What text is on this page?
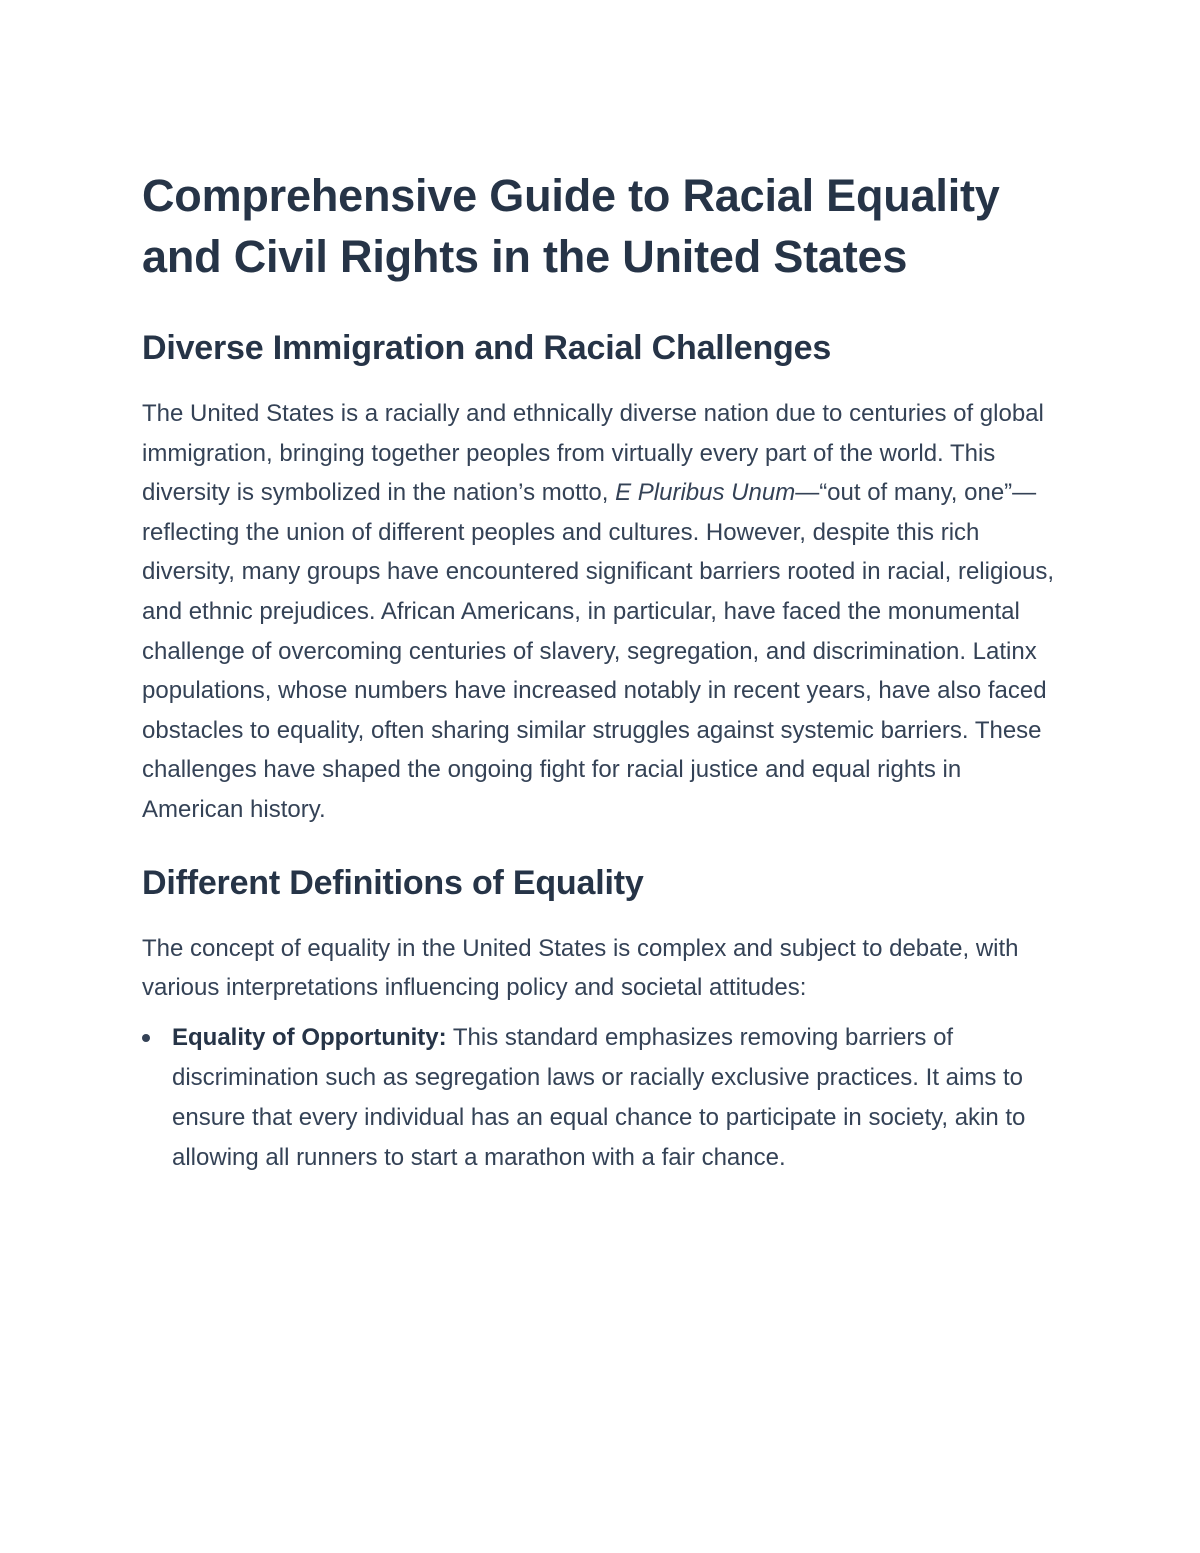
Comprehensive Guide to Racial Equality and Civil Rights in the United States
Diverse Immigration and Racial Challenges

The United States is a racially and ethnically diverse nation due to centuries of global immigration, bringing together peoples from virtually every part of the world. This diversity is symbolized in the nation’s motto, E Pluribus Unum—“out of many, one”—reflecting the union of different peoples and cultures. However, despite this rich diversity, many groups have encountered significant barriers rooted in racial, religious, and ethnic prejudices. African Americans, in particular, have faced the monumental challenge of overcoming centuries of slavery, segregation, and discrimination. Latinx populations, whose numbers have increased notably in recent years, have also faced obstacles to equality, often sharing similar struggles against systemic barriers. These challenges have shaped the ongoing fight for racial justice and equal rights in American history.

Different Definitions of Equality

The concept of equality in the United States is complex and subject to debate, with various interpretations influencing policy and societal attitudes:

Equality of Opportunity: This standard emphasizes removing barriers of discrimination such as segregation laws or racially exclusive practices. It aims to ensure that every individual has an equal chance to participate in society, akin to allowing all runners to start a marathon with a fair chance.
